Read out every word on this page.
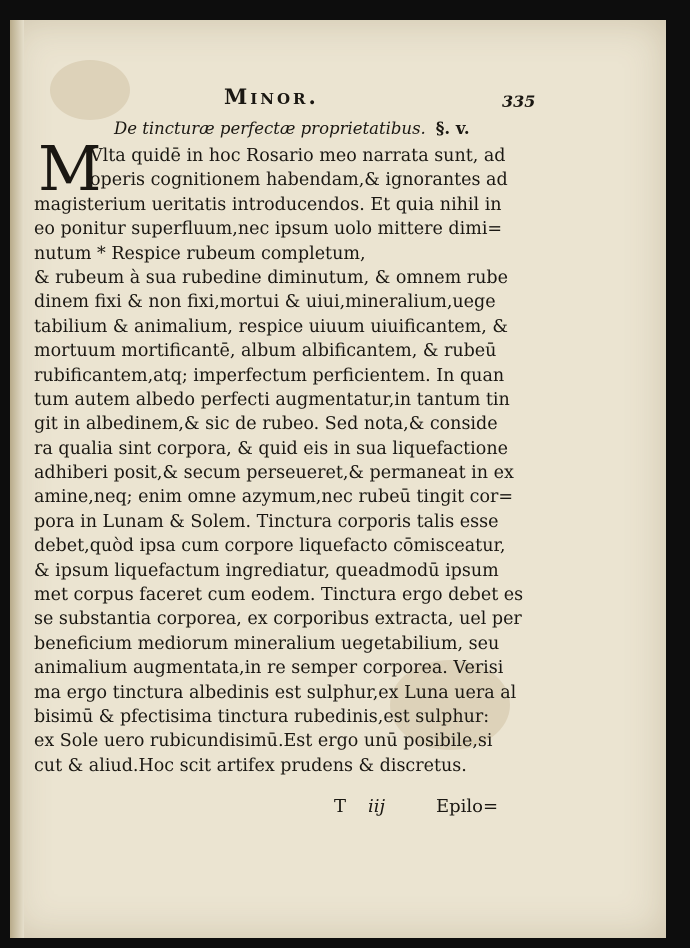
Minor.	335
De tincturæ perfectæ proprietatibus. §. v.
M
Vlta quidē in hoc Rosario meo narrata sunt, ad
operis cognitionem habendam,& ignorantes ad
magisterium ueritatis introducendos. Et quia nihil in
eo ponitur superfluum,nec ipsum uolo mittere dimi=
nutum * Respice rubeum completum,
& rubeum à sua rubedine diminutum, & omnem rube
dinem fixi & non fixi,mortui & uiui,mineralium,uege
tabilium & animalium, respice uiuum uiuificantem, &
mortuum mortificantē, album albificantem, & rubeū
rubificantem,atq; imperfectum perficientem. In quan
tum autem albedo perfecti augmentatur,in tantum tin
git in albedinem,& sic de rubeo. Sed nota,& conside
ra qualia sint corpora, & quid eis in sua liquefactione
adhiberi posit,& secum perseueret,& permaneat in ex
amine,neq; enim omne azymum,nec rubeū tingit cor=
pora in Lunam & Solem. Tinctura corporis talis esse
debet,quòd ipsa cum corpore liquefacto cōmisceatur,
& ipsum liquefactum ingrediatur, queadmodū ipsum
met corpus faceret cum eodem. Tinctura ergo debet es
se substantia corporea, ex corporibus extracta, uel per
beneficium mediorum mineralium uegetabilium, seu
animalium augmentata,in re semper corporea. Verisi
ma ergo tinctura albedinis est sulphur,ex Luna uera al
bisimū & pfectisima tinctura rubedinis,est sulphur:
ex Sole uero rubicundisimū.Est ergo unū posibile,si
cut & aliud.Hoc scit artifex prudens & discretus.
T iij	Epilo=
